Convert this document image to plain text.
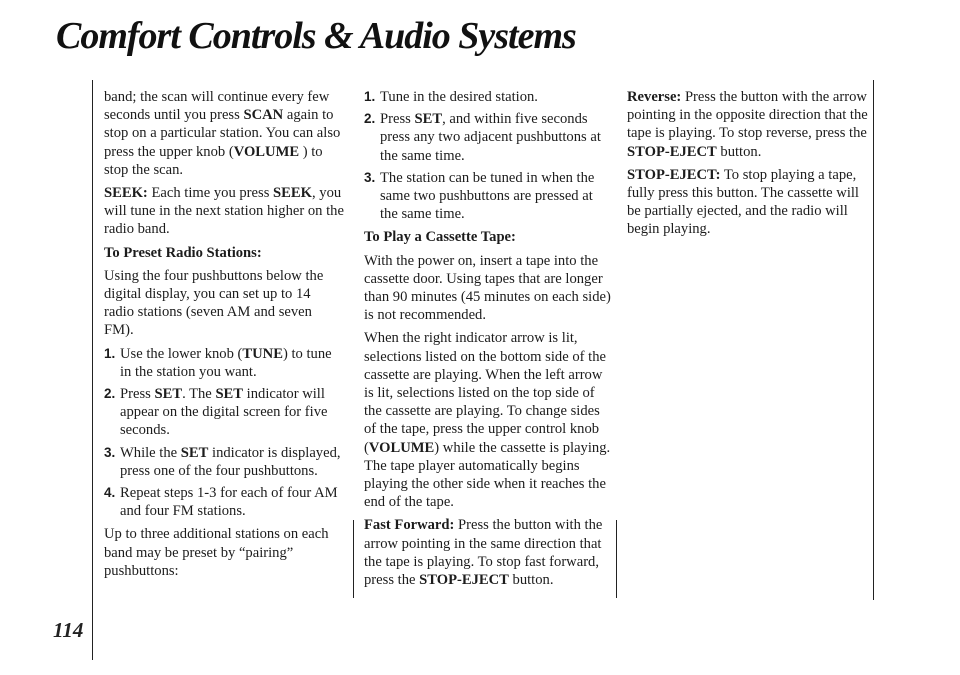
Comfort Controls & Audio Systems
114

band; the scan will continue every few seconds until you press SCAN again to stop on a particular station. You can also press the upper knob (VOLUME ) to stop the scan.

SEEK: Each time you press SEEK, you will tune in the next station higher on the radio band.

To Preset Radio Stations:

Using the four pushbuttons below the digital display, you can set up to 14 radio stations (seven AM and seven FM).

1. Use the lower knob (TUNE) to tune in the station you want.
2. Press SET. The SET indicator will appear on the digital screen for five seconds.
3. While the SET indicator is displayed, press one of the four pushbuttons.
4. Repeat steps 1-3 for each of four AM and four FM stations.

Up to three additional stations on each band may be preset by “pairing” pushbuttons:

1. Tune in the desired station.
2. Press SET, and within five seconds press any two adjacent pushbuttons at the same time.
3. The station can be tuned in when the same two pushbuttons are pressed at the same time.
To Play a Cassette Tape:

With the power on, insert a tape into the cassette door. Using tapes that are longer than 90 minutes (45 minutes on each side) is not recommended.

When the right indicator arrow is lit, selections listed on the bottom side of the cassette are playing. When the left arrow is lit, selections listed on the top side of the cassette are playing. To change sides of the tape, press the upper control knob (VOLUME) while the cassette is playing. The tape player automatically begins playing the other side when it reaches the end of the tape.

Fast Forward: Press the button with the arrow pointing in the same direction that the tape is playing. To stop fast forward, press the STOP-EJECT button.

Reverse: Press the button with the arrow pointing in the opposite direction that the tape is playing. To stop reverse, press the STOP-EJECT button.

STOP-EJECT: To stop playing a tape, fully press this button. The cassette will be partially ejected, and the radio will begin playing.
